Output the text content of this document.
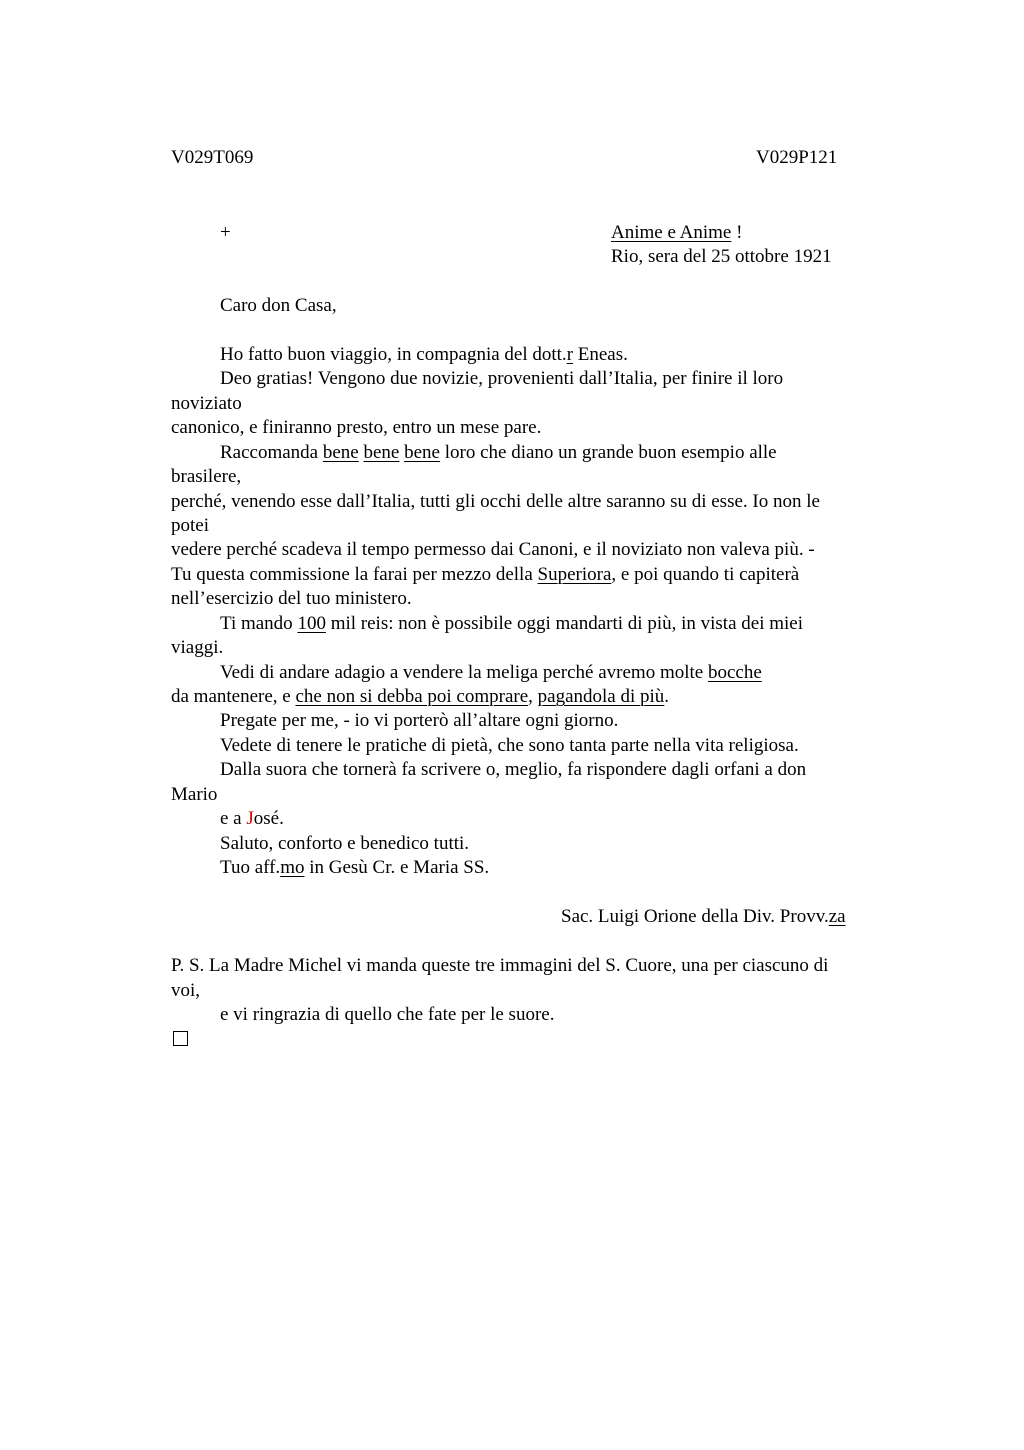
V029T069	V029P121
+	Anime e Anime !
Rio, sera del 25 ottobre 1921
Caro don Casa,
Ho fatto buon viaggio, in compagnia del dott.r Eneas.
Deo gratias! Vengono due novizie, provenienti dall’Italia, per finire il loro
noviziato
canonico, e finiranno presto, entro un mese pare.
Raccomanda bene bene bene loro che diano un grande buon esempio alle
brasilere,
perché, venendo esse dall’Italia, tutti gli occhi delle altre saranno su di esse. Io non le
potei
vedere perché scadeva il tempo permesso dai Canoni, e il noviziato non valeva più. -
Tu questa commissione la farai per mezzo della Superiora, e poi quando ti capiterà
nell’esercizio del tuo ministero.
Ti mando 100 mil reis: non è possibile oggi mandarti di più, in vista dei miei
viaggi.
Vedi di andare adagio a vendere la meliga perché avremo molte bocche
da mantenere, e che non si debba poi comprare, pagandola di più.
Pregate per me, - io vi porterò all’altare ogni giorno.
Vedete di tenere le pratiche di pietà, che sono tanta parte nella vita religiosa.
Dalla suora che tornerà fa scrivere o, meglio, fa rispondere dagli orfani a don
Mario
e a José.
Saluto, conforto e benedico tutti.
Tuo aff.mo in Gesù Cr. e Maria SS.
Sac. Luigi Orione della Div. Provv.za
P. S. La Madre Michel vi manda queste tre immagini del S. Cuore, una per ciascuno di
voi,
e vi ringrazia di quello che fate per le suore.
